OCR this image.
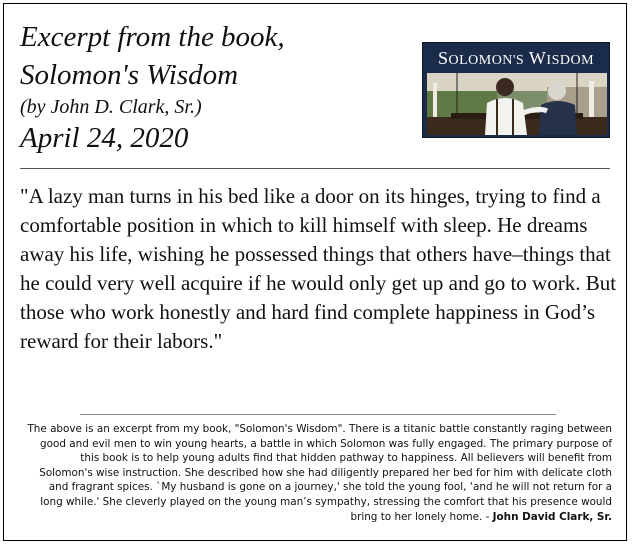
Excerpt from the book,

Solomon's Wisdom

(by John D. Clark, Sr.)

April 24, 2020

SOLOMON'S WISDOM

"A lazy man turns in his bed like a door on its hinges, trying to find a comfortable position in which to kill himself with sleep. He dreams away his life, wishing he possessed things that others have–things that he could very well acquire if he would only get up and go to work. But those who work honestly and hard find complete happiness in God’s reward for their labors."

The above is an excerpt from my book, "Solomon's Wisdom". There is a titanic battle constantly raging between good and evil men to win young hearts, a battle in which Solomon was fully engaged. The primary purpose of this book is to help young adults find that hidden pathway to happiness. All believers will benefit from Solomon's wise instruction. She described how she had diligently prepared her bed for him with delicate cloth and fragrant spices. `My husband is gone on a journey,' she told the young fool, ‘and he will not return for a long while.' She cleverly played on the young man’s sympathy, stressing the comfort that his presence would bring to her lonely home. - John David Clark, Sr.
